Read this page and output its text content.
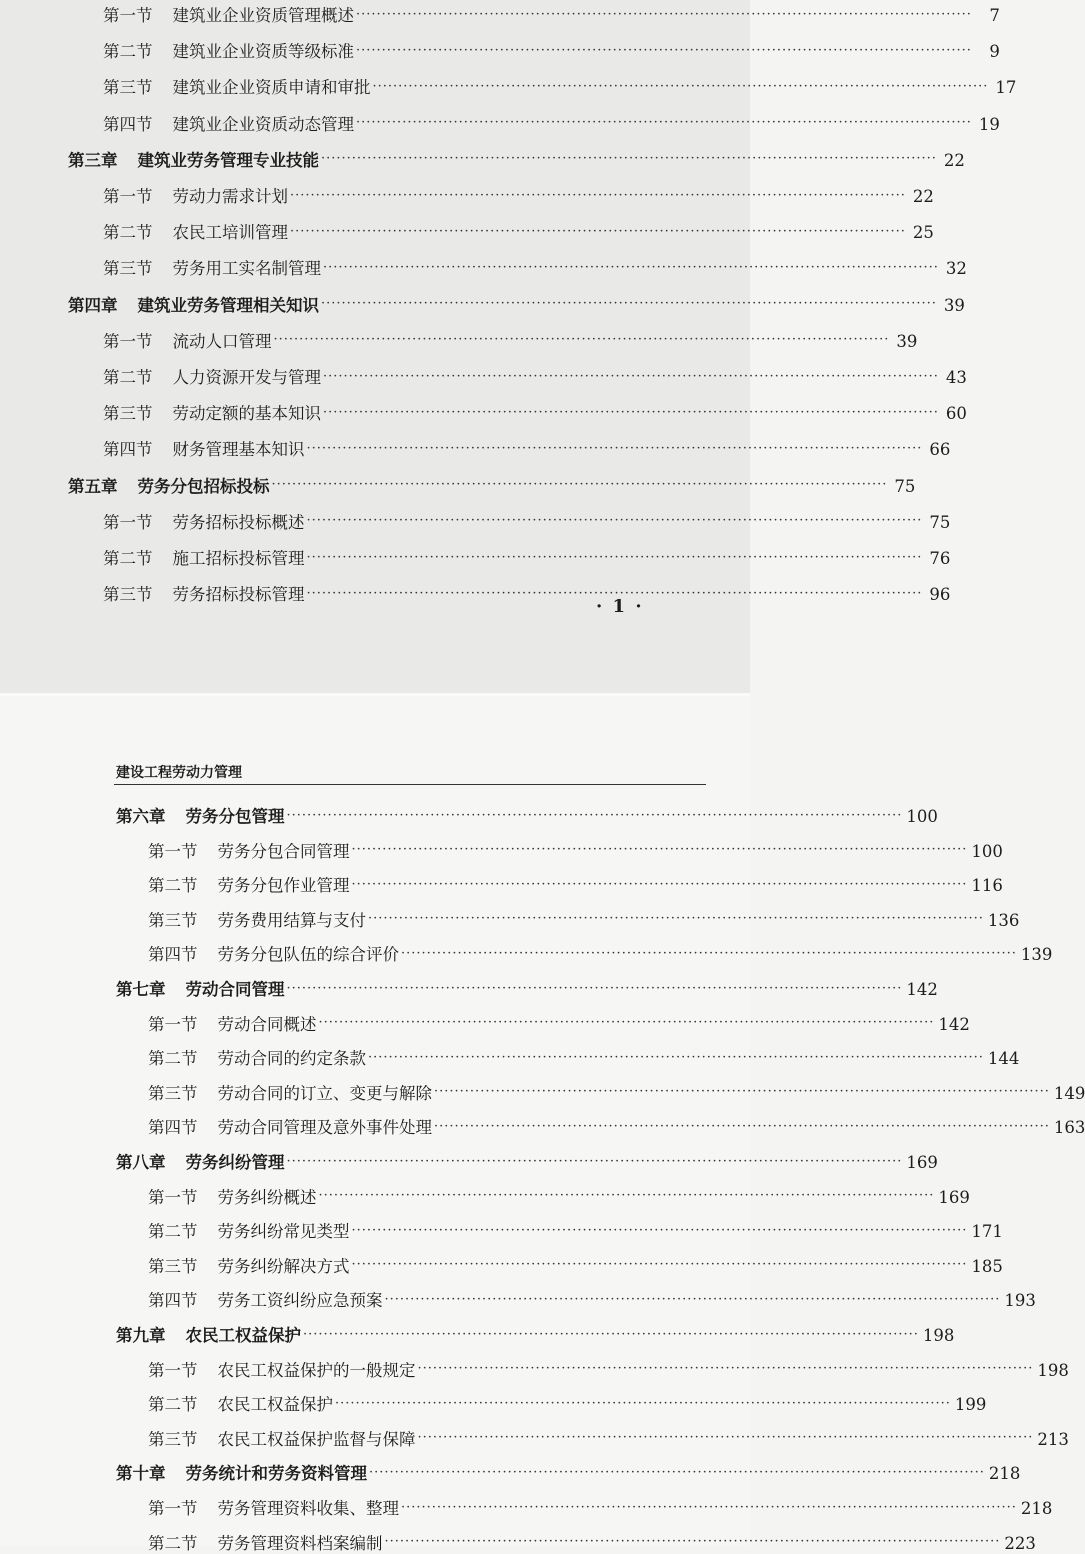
第一节 建筑业企业资质管理概述 ························································································································	7
第二节 建筑业企业资质等级标准 ························································································································	9
第三节 建筑业企业资质申请和审批 ························································································································ 17
第四节 建筑业企业资质动态管理 ························································································································ 19
第三章 建筑业劳务管理专业技能 ························································································································ 22
第一节 劳动力需求计划 ························································································································ 22
第二节 农民工培训管理 ························································································································ 25
第三节 劳务用工实名制管理 ························································································································ 32
第四章 建筑业劳务管理相关知识 ························································································································ 39
第一节 流动人口管理 ························································································································ 39
第二节 人力资源开发与管理 ························································································································ 43
第三节 劳动定额的基本知识 ························································································································ 60
第四节 财务管理基本知识 ························································································································ 66
第五章 劳务分包招标投标 ························································································································ 75
第一节 劳务招标投标概述 ························································································································ 75
第二节 施工招标投标管理 ························································································································ 76
第三节 劳务招标投标管理 ························································································································ 96
· 1 ·
建设工程劳动力管理
第六章 劳务分包管理 ························································································································ 100
第一节 劳务分包合同管理 ························································································································ 100
第二节 劳务分包作业管理 ························································································································ 116
第三节 劳务费用结算与支付 ························································································································ 136
第四节 劳务分包队伍的综合评价 ························································································································ 139
第七章 劳动合同管理 ························································································································ 142
第一节 劳动合同概述 ························································································································ 142
第二节 劳动合同的约定条款 ························································································································ 144
第三节 劳动合同的订立、变更与解除 ························································································································ 149
第四节 劳动合同管理及意外事件处理 ························································································································ 163
第八章 劳务纠纷管理 ························································································································ 169
第一节 劳务纠纷概述 ························································································································ 169
第二节 劳务纠纷常见类型 ························································································································ 171
第三节 劳务纠纷解决方式 ························································································································ 185
第四节 劳务工资纠纷应急预案 ························································································································ 193
第九章 农民工权益保护 ························································································································ 198
第一节 农民工权益保护的一般规定 ························································································································ 198
第二节 农民工权益保护 ························································································································ 199
第三节 农民工权益保护监督与保障 ························································································································ 213
第十章 劳务统计和劳务资料管理 ························································································································ 218
第一节 劳务管理资料收集、整理 ························································································································ 218
第二节 劳务管理资料档案编制 ························································································································ 223
